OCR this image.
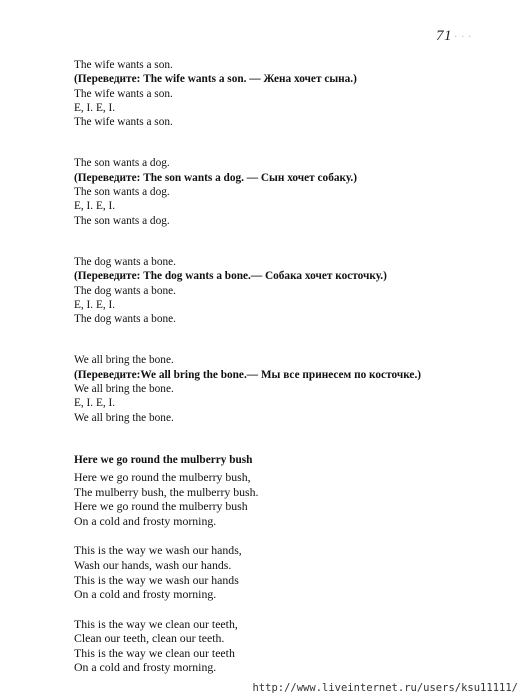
71 · · ·
The wife wants a son.
(Переведите: The wife wants a son. — Жена хочет сына.)
The wife wants a son.
E, I. E, I.
The wife wants a son.
The son wants a dog.
(Переведите: The son wants a dog. — Сын хочет собаку.)
The son wants a dog.
E, I. E, I.
The son wants a dog.
The dog wants a bone.
(Переведите: The dog wants a bone.— Собака хочет косточку.)
The dog wants a bone.
E, I. E, I.
The dog wants a bone.
We all bring the bone.
(Переведите:We all bring the bone.— Мы все принесем по косточке.)
We all bring the bone.
E, I. E, I.
We all bring the bone.
Here we go round the mulberry bush
Here we go round the mulberry bush,
The mulberry bush, the mulberry bush.
Here we go round the mulberry bush
On a cold and frosty morning.
This is the way we wash our hands,
Wash our hands, wash our hands.
This is the way we wash our hands
On a cold and frosty morning.
This is the way we clean our teeth,
Clean our teeth, clean our teeth.
This is the way we clean our teeth
On a cold and frosty morning.
http://www.liveinternet.ru/users/ksu11111/
